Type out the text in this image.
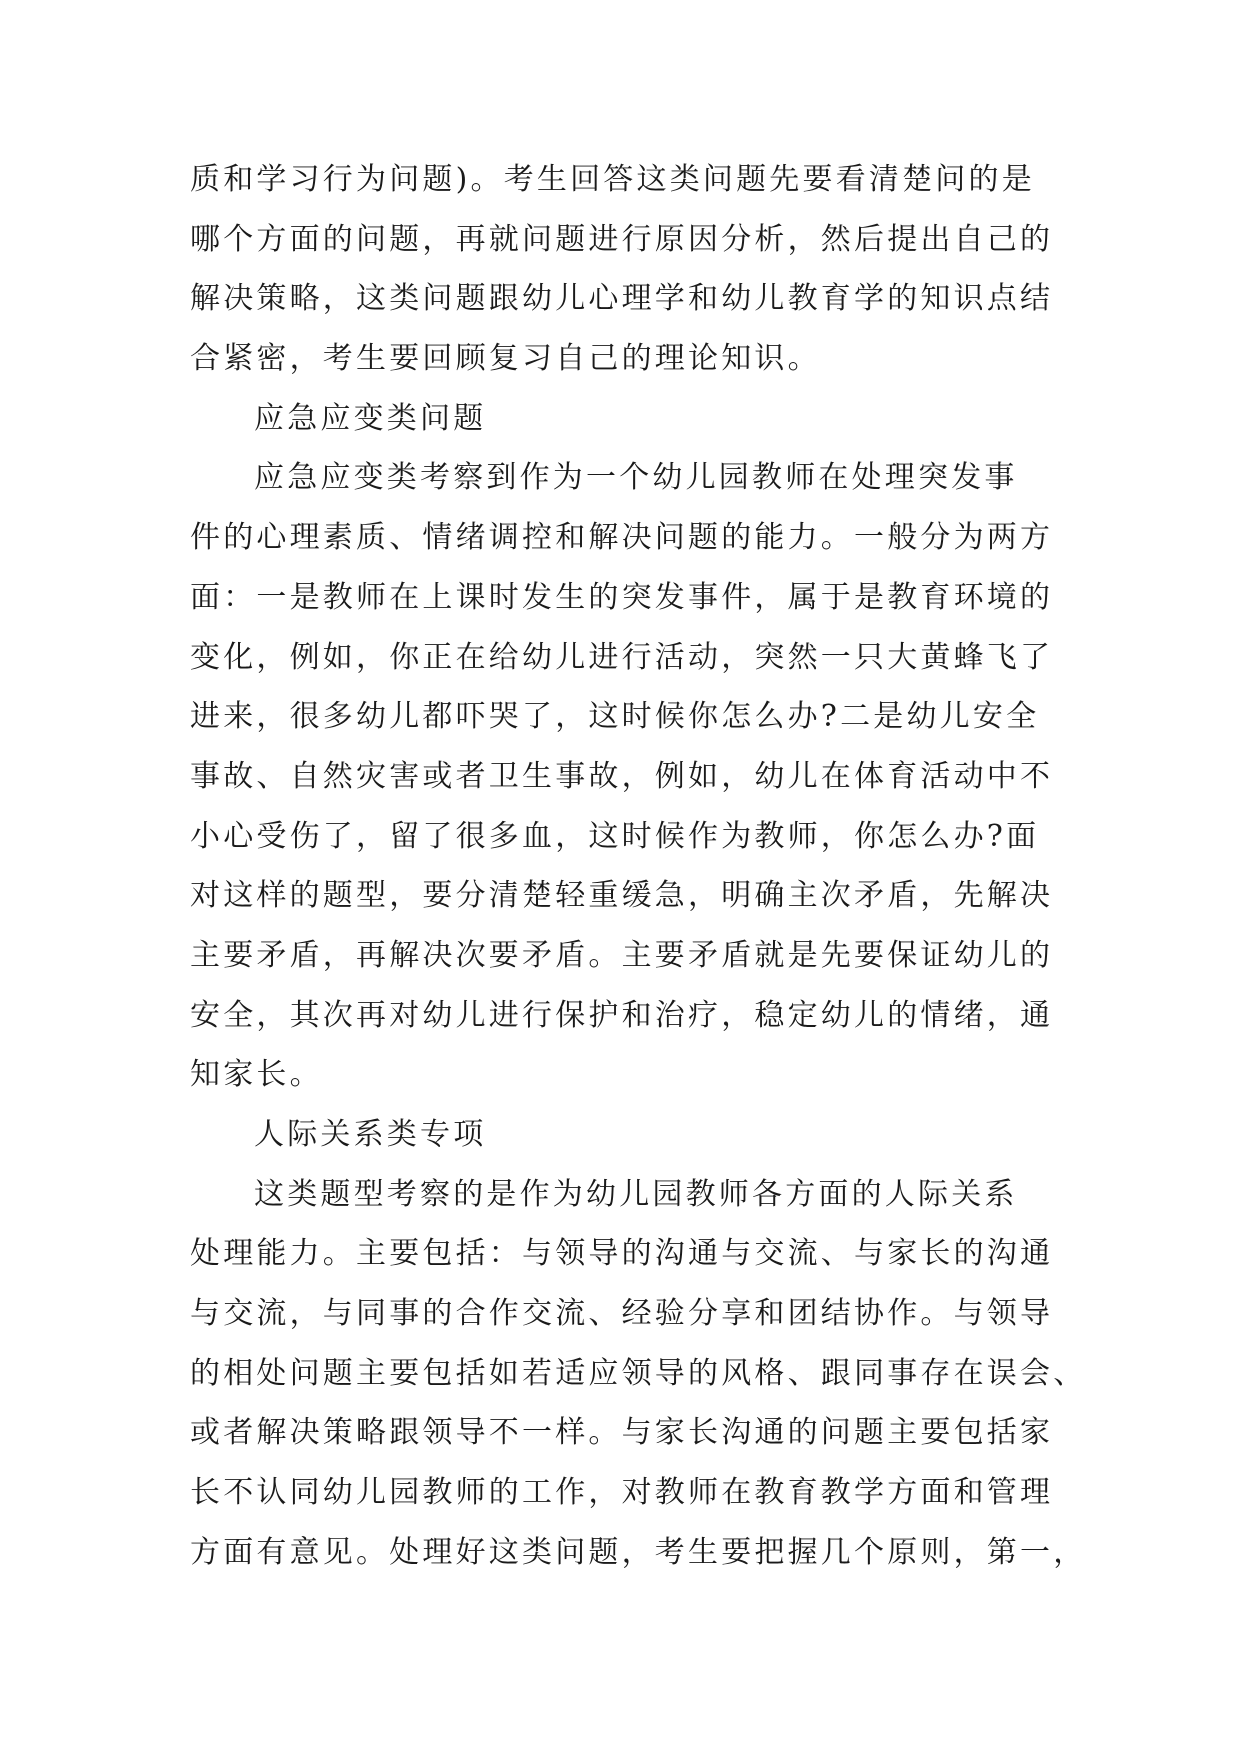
质和学习行为问题)。考生回答这类问题先要看清楚问的是
哪个方面的问题，再就问题进行原因分析，然后提出自己的
解决策略，这类问题跟幼儿心理学和幼儿教育学的知识点结
合紧密，考生要回顾复习自己的理论知识。
应急应变类问题
应急应变类考察到作为一个幼儿园教师在处理突发事
件的心理素质、情绪调控和解决问题的能力。一般分为两方
面：一是教师在上课时发生的突发事件，属于是教育环境的
变化，例如，你正在给幼儿进行活动，突然一只大黄蜂飞了
进来，很多幼儿都吓哭了，这时候你怎么办?二是幼儿安全
事故、自然灾害或者卫生事故，例如，幼儿在体育活动中不
小心受伤了，留了很多血，这时候作为教师，你怎么办?面
对这样的题型，要分清楚轻重缓急，明确主次矛盾，先解决
主要矛盾，再解决次要矛盾。主要矛盾就是先要保证幼儿的
安全，其次再对幼儿进行保护和治疗，稳定幼儿的情绪，通
知家长。
人际关系类专项
这类题型考察的是作为幼儿园教师各方面的人际关系
处理能力。主要包括：与领导的沟通与交流、与家长的沟通
与交流，与同事的合作交流、经验分享和团结协作。与领导
的相处问题主要包括如若适应领导的风格、跟同事存在误会、
或者解决策略跟领导不一样。与家长沟通的问题主要包括家
长不认同幼儿园教师的工作，对教师在教育教学方面和管理
方面有意见。处理好这类问题，考生要把握几个原则，第一，
